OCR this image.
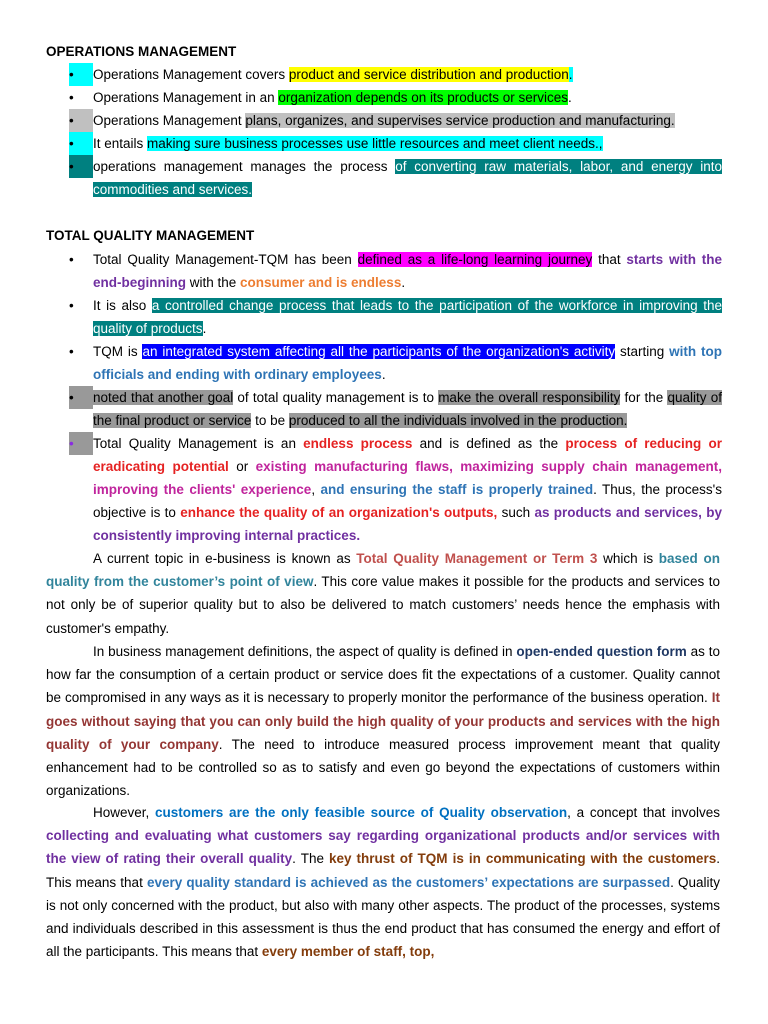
OPERATIONS MANAGEMENT
•	Operations Management covers product and service distribution and production.
•	Operations Management in an organization depends on its products or services.
•	Operations Management plans, organizes, and supervises service production and manufacturing.
•	It entails making sure business processes use little resources and meet client needs.,
•	operations management manages the process of converting raw materials, labor, and energy into commodities and services.
TOTAL QUALITY MANAGEMENT
•	Total Quality Management-TQM has been defined as a life-long learning journey that starts with the end-beginning with the consumer and is endless.
•	It is also a controlled change process that leads to the participation of the workforce in improving the quality of products.
•	TQM is an integrated system affecting all the participants of the organization's activity starting with top officials and ending with ordinary employees.
•	noted that another goal of total quality management is to make the overall responsibility for the quality of the final product or service to be produced to all the individuals involved in the production.
•	Total Quality Management is an endless process and is defined as the process of reducing or eradicating potential or existing manufacturing flaws, maximizing supply chain management, improving the clients' experience, and ensuring the staff is properly trained. Thus, the process's objective is to enhance the quality of an organization's outputs, such as products and services, by consistently improving internal practices.

A current topic in e-business is known as Total Quality Management or Term 3 which is based on quality from the customer’s point of view. This core value makes it possible for the products and services to not only be of superior quality but to also be delivered to match customers’ needs hence the emphasis with customer's empathy.

In business management definitions, the aspect of quality is defined in open-ended question form as to how far the consumption of a certain product or service does fit the expectations of a customer. Quality cannot be compromised in any ways as it is necessary to properly monitor the performance of the business operation. It goes without saying that you can only build the high quality of your products and services with the high quality of your company. The need to introduce measured process improvement meant that quality enhancement had to be controlled so as to satisfy and even go beyond the expectations of customers within organizations.

However, customers are the only feasible source of Quality observation, a concept that involves collecting and evaluating what customers say regarding organizational products and/or services with the view of rating their overall quality. The key thrust of TQM is in communicating with the customers. This means that every quality standard is achieved as the customers’ expectations are surpassed. Quality is not only concerned with the product, but also with many other aspects. The product of the processes, systems and individuals described in this assessment is thus the end product that has consumed the energy and effort of all the participants. This means that every member of staff, top,
